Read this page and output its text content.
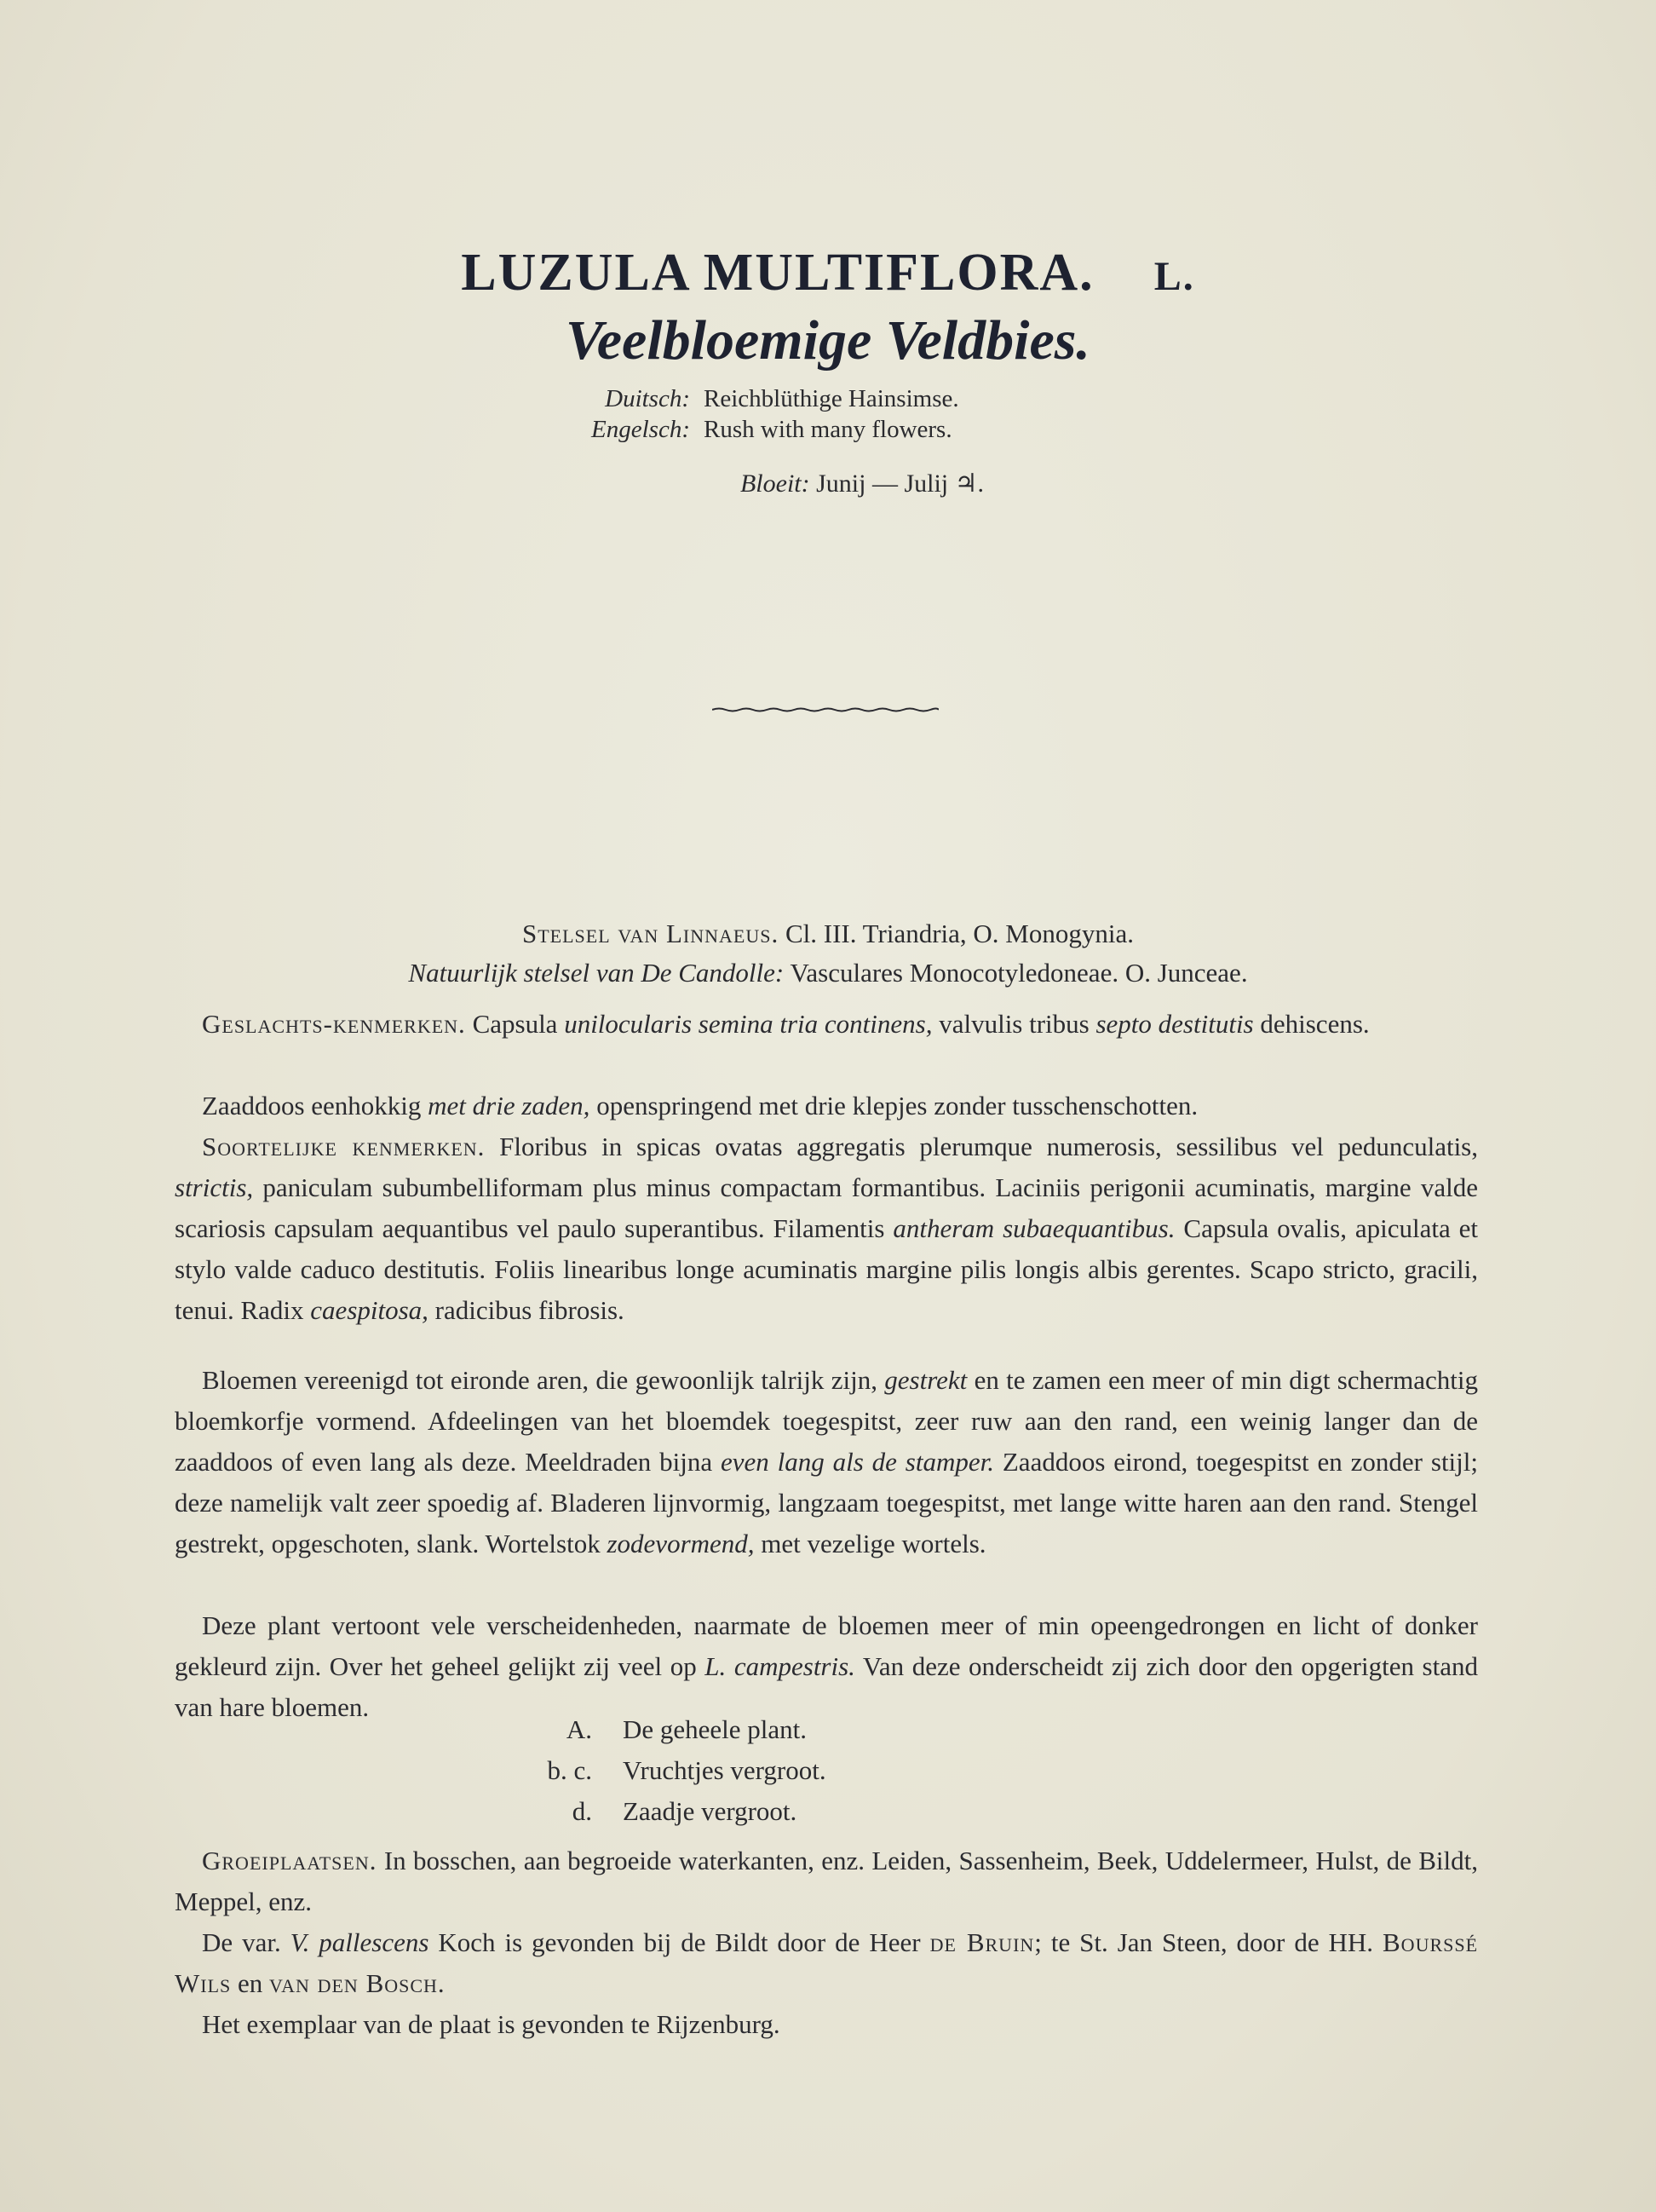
LUZULA MULTIFLORA. L.
Veelbloemige Veldbies.
Duitsch: Reichblüthige Hainsimse.
Engelsch: Rush with many flowers.
Bloeit: Junij — Julij ♃.
Stelsel van Linnaeus. Cl. III. Triandria, O. Monogynia.
Natuurlijk stelsel van De Candolle: Vasculares Monocotyledoneae. O. Junceae.
Geslachts-kenmerken. Capsula unilocularis semina tria continens, valvulis tribus septo destitutis dehiscens.
Zaaddoos eenhokkig met drie zaden, openspringend met drie klepjes zonder tusschenschotten.
Soortelijke kenmerken. Floribus in spicas ovatas aggregatis plerumque numerosis, sessilibus vel pedunculatis, strictis, paniculam subumbelliformam plus minus compactam formantibus. Laciniis perigonii acuminatis, margine valde scariosis capsulam aequantibus vel paulo superantibus. Filamentis antheram subaequantibus. Capsula ovalis, apiculata et stylo valde caduco destitutis. Foliis linearibus longe acuminatis margine pilis longis albis gerentes. Scapo stricto, gracili, tenui. Radix caespitosa, radicibus fibrosis.
Bloemen vereenigd tot eironde aren, die gewoonlijk talrijk zijn, gestrekt en te zamen een meer of min digt schermachtig bloemkorfje vormend. Afdeelingen van het bloemdek toegespitst, zeer ruw aan den rand, een weinig langer dan de zaaddoos of even lang als deze. Meeldraden bijna even lang als de stamper. Zaaddoos eirond, toegespitst en zonder stijl; deze namelijk valt zeer spoedig af. Bladeren lijnvormig, langzaam toegespitst, met lange witte haren aan den rand. Stengel gestrekt, opgeschoten, slank. Wortelstok zodevormend, met vezelige wortels.
Deze plant vertoont vele verscheidenheden, naarmate de bloemen meer of min opeengedrongen en licht of donker gekleurd zijn. Over het geheel gelijkt zij veel op L. campestris. Van deze onderscheidt zij zich door den opgerigten stand van hare bloemen.
A. De geheele plant.
b. c. Vruchtjes vergroot.
d. Zaadje vergroot.
Groeiplaatsen. In bosschen, aan begroeide waterkanten, enz. Leiden, Sassenheim, Beek, Uddelermeer, Hulst, de Bildt, Meppel, enz.
De var. V. pallescens Koch is gevonden bij de Bildt door de Heer de Bruin; te St. Jan Steen, door de HH. Bourssé Wils en van den Bosch.
Het exemplaar van de plaat is gevonden te Rijzenburg.
